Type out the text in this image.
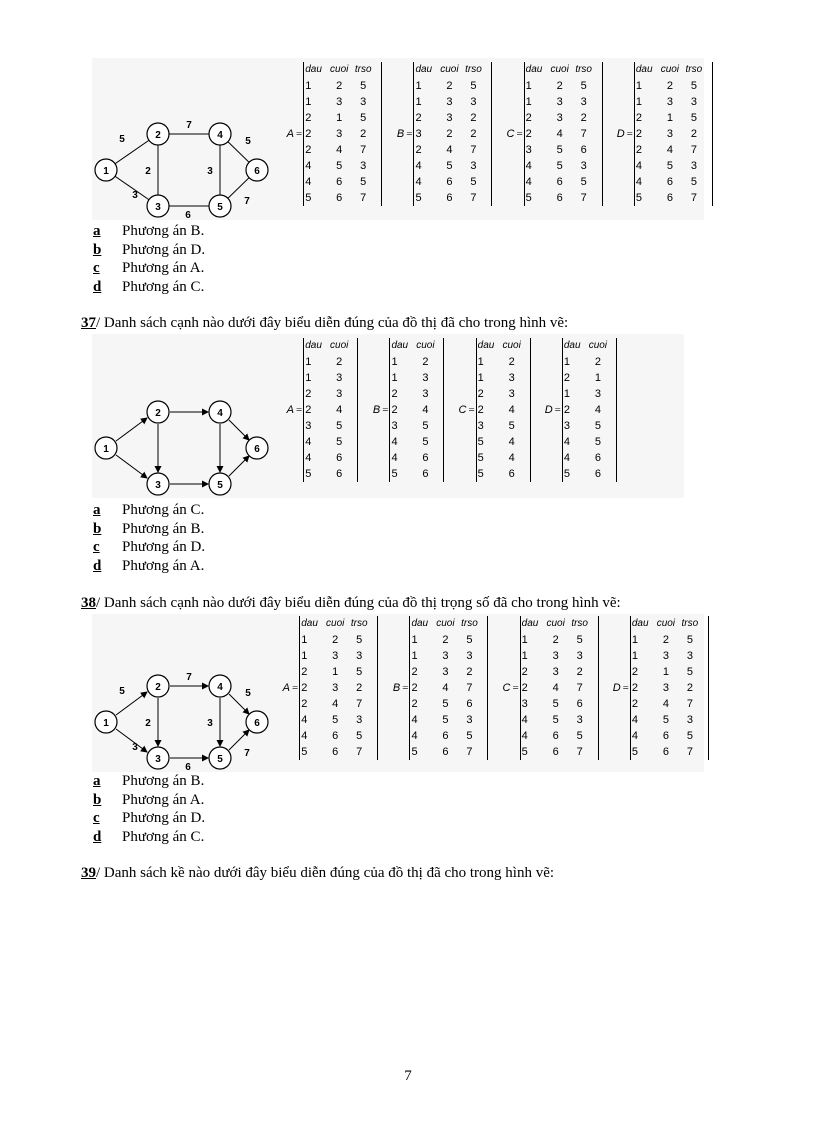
1
2
3
4
5
6
5
7
5
2	3
3
6
7
A =
dau cuoi trso
1	2	5
1	3	3
2	1	5
2	3	2
2	4	7
4	5	3
4	6	5
5	6	7
B =
dau cuoi trso
1	2	5
1	3	3
2	3	2
3	2	2
2	4	7
4	5	3
4	6	5
5	6	7
C =
dau cuoi trso
1	2	5
1	3	3
2	3	2
2	4	7
3	5	6
4	5	3
4	6	5
5	6	7
D =
dau cuoi trso
1	2	5
1	3	3
2	1	5
2	3	2
2	4	7
4	5	3
4	6	5
5	6	7
a	Phương án B.
b	Phương án D.
c	Phương án A.
d	Phương án C.
37/ Danh sách cạnh nào dưới đây biểu diễn đúng của đồ thị đã cho trong hình vẽ:
1
2
3
4
5
6
A =
dau cuoi
1	2
1	3
2	3
2	4
3	5
4	5
4	6
5	6
B =
dau cuoi
1	2
1	3
2	3
2	4
3	5
4	5
4	6
5	6
C =
dau cuoi
1	2
1	3
2	3
2	4
3	5
5	4
5	4
5	6
D =
dau cuoi
1	2
2	1
1	3
2	4
3	5
4	5
4	6
5	6
a	Phương án C.
b	Phương án B.
c	Phương án D.
d	Phương án A.
38/ Danh sách cạnh nào dưới đây biểu diễn đúng của đồ thị trọng số đã cho trong hình vẽ:
1
2
3
4
5
6
5
7
5
2	3
3
6
7
A =
dau cuoi trso
1	2	5
1	3	3
2	1	5
2	3	2
2	4	7
4	5	3
4	6	5
5	6	7
B =
dau cuoi trso
1	2	5
1	3	3
2	3	2
2	4	7
2	5	6
4	5	3
4	6	5
5	6	7
C =
dau cuoi trso
1	2	5
1	3	3
2	3	2
2	4	7
3	5	6
4	5	3
4	6	5
5	6	7
D =
dau cuoi trso
1	2	5
1	3	3
2	1	5
2	3	2
2	4	7
4	5	3
4	6	5
5	6	7
a	Phương án B.
b	Phương án A.
c	Phương án D.
d	Phương án C.
39/ Danh sách kề nào dưới đây biểu diễn đúng của đồ thị đã cho trong hình vẽ:
7
